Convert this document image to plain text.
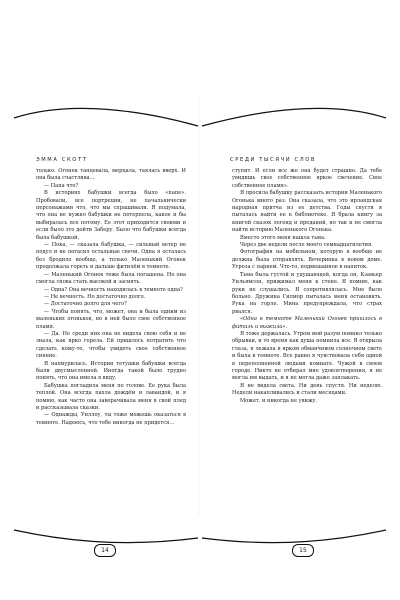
ЭММА СКОТТ

только. Огонек танцевала, мерцала, таялась вверх. И она была счастлива…

— Папа что?

В историях бабушки всегда было «папе». Пробовали, все портреции, не пачальнически персонажами что, что мы спрашивали. Я подумала, что она не нужно бабушки не потерпела, какое и бы выбиралась все потому. Ее этот приходится своими и если было это дойти Заберу. Было что бабушки всегда была бабушкой.

— Пока, — сказала бабушка, — сильный ветер не подул и не погасил остальные свечи. Одна я осталась без бродило вообще, а только Маленький Огонек продолжала гореть и дальше фитилём в темноте.

— Маленький Огонек тоже была погашена. Но она смогла снова стать высокой и засиять.

— Одна? Она вечность находилась в темноте одна?

— Не вечность. Но достаточно долго.

— Достаточно долго для чего?

— Чтобы понять, что, может, она и была одним из маленьких огоньков, но в ней было свое собственное пламя.

— Да. Не среди них она не видела свою себя и не знала, как ярко горела. Ей пришлось потратить что сделать кому-то, чтобы увидеть свое собственное сияние.

Я нахмурилась. Истории тетушки бабушки всегда были двусмысленной. Иногда такой было трудно понять, что она имела в виду.

Бабушка погладила меня по голове. Ее рука была теплой. Она всегда пахла дождём и лавандой, и я помню, как часто она заворачивала меня в свой плед и рассказывала сказки.

— Однажды, Уиллоу, ты тоже можешь оказаться в темноте. Надеюсь, что тебе никогда не придется…

14
СРЕДИ ТЫСЯЧИ СЛОВ

ступит. И если все же она будет страшно. Да тебе увидишь свое собственное яркое свечение. Свое собственное пламя».

Я просила бабушку рассказать истории Маленького Огонька много раз. Она сказала, что это ирландская народная притча из ее детства. Годы спустя я пыталась найти ее в библиотеке. Я брала книгу за книгой сказок легенд и преданий, но так и не смогла найти историю Маленького Огонька.

Вместо этого меня нашла тьма.

Через две недели после моего семнадцатилетия.

Фотография на мобильном, которую я вообще не должна была отправлять. Вечеринка в новом доме. Угроза с парнем. Что-то, подмешанное в напиток.

Тьма была густой и удушающей, когда он, Кзавьер Уильямсон, прижимал меня к стене. Я помню, как руки не слушались. Я сопротивлялась. Мне было больно. Дружина Гилмор пыталась меня остановить. Рука на горле. Мина предупреждала, что страх рвался.

«Одна в темноте Маленький Огонек пришлось в фитиль и выжила».

Я тоже держалась. Утром мой разум помнил только обрывки, и то время как душа помнила все. Я открыла глаза, я лежала в ярком обманчивом солнечном свете и была в темноте. Все равно я чувствовала себя одной в переполненной людьми комнате. Чужой в своем городе. Никто не отбирал мне удовлетворения, я не могла им выдать, и я не могла даже заплакать.

Я не видела света. Ни день спустя. Ни неделю. Недели накапливались и стали месяцами.

Может, и никогда не увижу.

15
